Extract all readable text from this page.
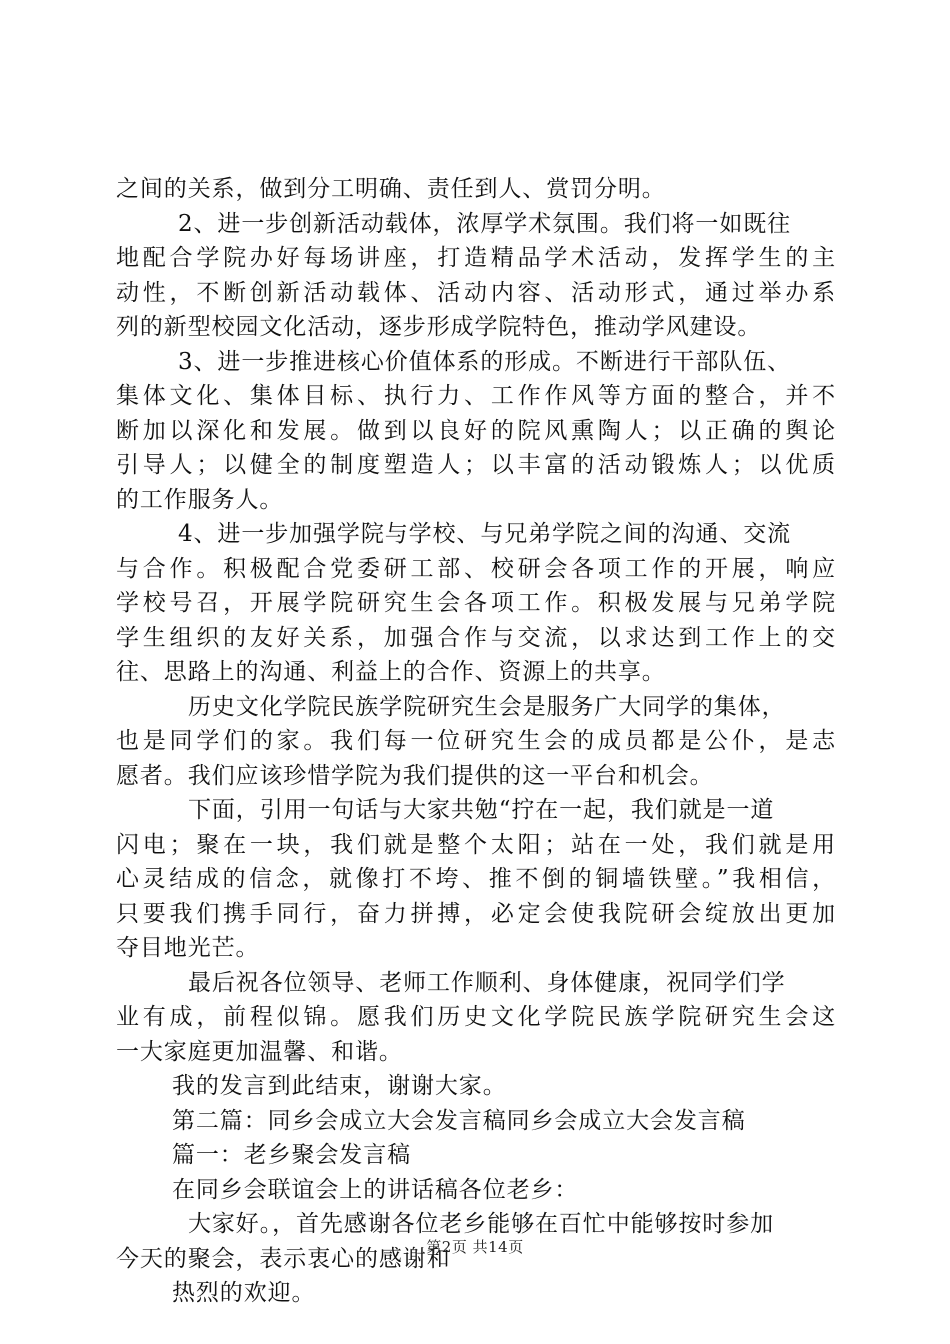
之间的关系，做到分工明确、责任到人、赏罚分明。
2、进一步创新活动载体，浓厚学术氛围。我们将一如既往
地配合学院办好每场讲座，打造精品学术活动，发挥学生的主
动性，不断创新活动载体、活动内容、活动形式，通过举办系
列的新型校园文化活动，逐步形成学院特色，推动学风建设。
3、进一步推进核心价值体系的形成。不断进行干部队伍、
集体文化、集体目标、执行力、工作作风等方面的整合，并不
断加以深化和发展。做到以良好的院风熏陶人；以正确的舆论
引导人；以健全的制度塑造人；以丰富的活动锻炼人；以优质
的工作服务人。
4、进一步加强学院与学校、与兄弟学院之间的沟通、交流
与合作。积极配合党委研工部、校研会各项工作的开展，响应
学校号召，开展学院研究生会各项工作。积极发展与兄弟学院
学生组织的友好关系，加强合作与交流，以求达到工作上的交
往、思路上的沟通、利益上的合作、资源上的共享。
历史文化学院民族学院研究生会是服务广大同学的集体，
也是同学们的家。我们每一位研究生会的成员都是公仆，是志
愿者。我们应该珍惜学院为我们提供的这一平台和机会。
下面，引用一句话与大家共勉“拧在一起，我们就是一道
闪电；聚在一块，我们就是整个太阳；站在一处，我们就是用
心灵结成的信念，就像打不垮、推不倒的铜墙铁壁。”我相信，
只要我们携手同行，奋力拼搏，必定会使我院研会绽放出更加
夺目地光芒。
最后祝各位领导、老师工作顺利、身体健康，祝同学们学
业有成，前程似锦。愿我们历史文化学院民族学院研究生会这
一大家庭更加温馨、和谐。
我的发言到此结束，谢谢大家。
第二篇：同乡会成立大会发言稿同乡会成立大会发言稿
篇一：老乡聚会发言稿
在同乡会联谊会上的讲话稿各位老乡：
大家好。，首先感谢各位老乡能够在百忙中能够按时参加
今天的聚会，表示衷心的感谢和
热烈的欢迎。
第2页 共14页
